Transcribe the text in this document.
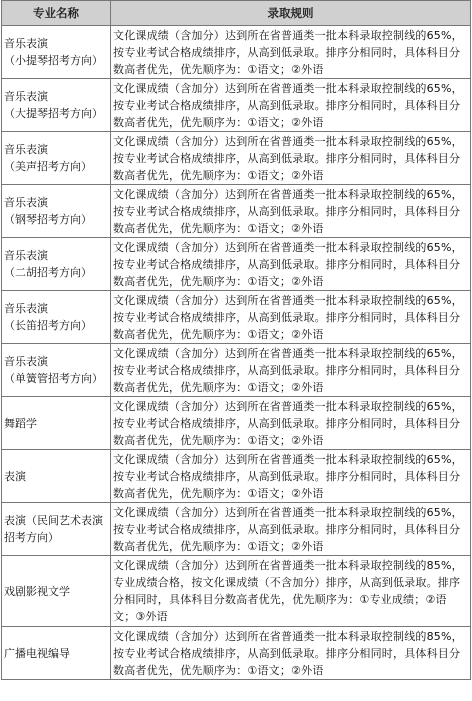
专业名称	录取规则
音乐表演
（小提琴招考方向）	文化课成绩（含加分）达到所在省普通类一批本科录取控制线的65%，按专业考试合格成绩排序，从高到低录取。排序分相同时，具体科目分数高者优先，优先顺序为：①语文；②外语
音乐表演
（大提琴招考方向）	文化课成绩（含加分）达到所在省普通类一批本科录取控制线的65%，按专业考试合格成绩排序，从高到低录取。排序分相同时，具体科目分数高者优先，优先顺序为：①语文；②外语
音乐表演
（美声招考方向）	文化课成绩（含加分）达到所在省普通类一批本科录取控制线的65%，按专业考试合格成绩排序，从高到低录取。排序分相同时，具体科目分数高者优先，优先顺序为：①语文；②外语
音乐表演
（钢琴招考方向）	文化课成绩（含加分）达到所在省普通类一批本科录取控制线的65%，按专业考试合格成绩排序，从高到低录取。排序分相同时，具体科目分数高者优先，优先顺序为：①语文；②外语
音乐表演
（二胡招考方向）	文化课成绩（含加分）达到所在省普通类一批本科录取控制线的65%，按专业考试合格成绩排序，从高到低录取。排序分相同时，具体科目分数高者优先，优先顺序为：①语文；②外语
音乐表演
（长笛招考方向）	文化课成绩（含加分）达到所在省普通类一批本科录取控制线的65%，按专业考试合格成绩排序，从高到低录取。排序分相同时，具体科目分数高者优先，优先顺序为：①语文；②外语
音乐表演
（单簧管招考方向）	文化课成绩（含加分）达到所在省普通类一批本科录取控制线的65%，按专业考试合格成绩排序，从高到低录取。排序分相同时，具体科目分数高者优先，优先顺序为：①语文；②外语
舞蹈学	文化课成绩（含加分）达到所在省普通类一批本科录取控制线的65%，按专业考试合格成绩排序，从高到低录取。排序分相同时，具体科目分数高者优先，优先顺序为：①语文；②外语
表演	文化课成绩（含加分）达到所在省普通类一批本科录取控制线的65%，按专业考试合格成绩排序，从高到低录取。排序分相同时，具体科目分数高者优先，优先顺序为：①语文；②外语
表演（民间艺术表演招考方向）	文化课成绩（含加分）达到所在省普通类一批本科录取控制线的65%，按专业考试合格成绩排序，从高到低录取。排序分相同时，具体科目分数高者优先，优先顺序为：①语文；②外语
戏剧影视文学	文化课成绩（含加分）达到所在省普通类一批本科录取控制线的85%，专业成绩合格，按文化课成绩（不含加分）排序，从高到低录取。排序分相同时，具体科目分数高者优先，优先顺序为：①专业成绩；②语文；③外语
广播电视编导	文化课成绩（含加分）达到所在省普通类一批本科录取控制线的85%，按专业考试合格成绩排序，从高到低录取。排序分相同时，具体科目分数高者优先，优先顺序为：①语文；②外语
